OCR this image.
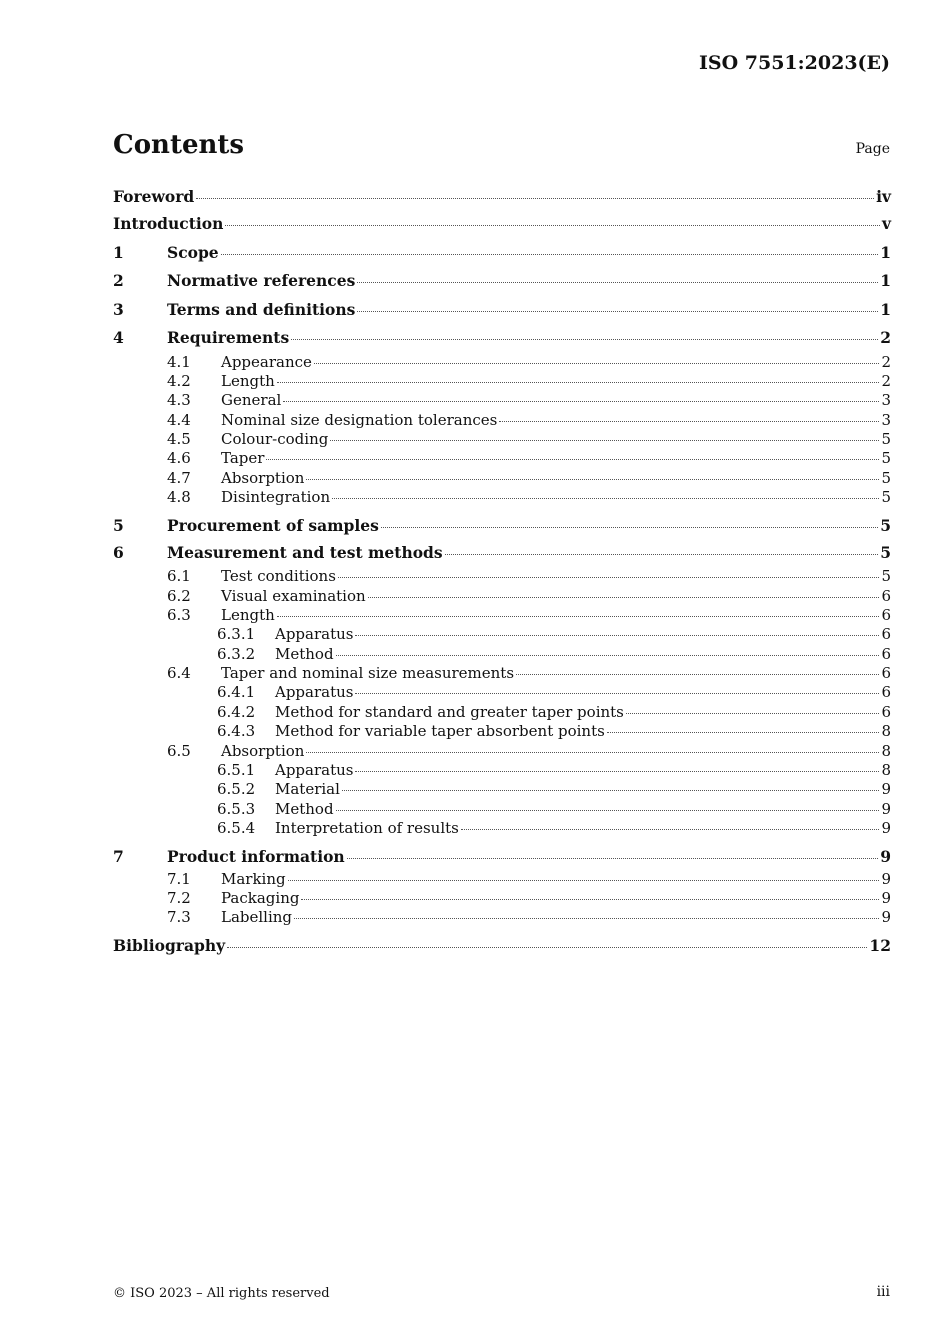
ISO 7551:2023(E)
Contents	Page
Foreword	iv
Introduction	v
1	Scope	1
2	Normative references	1
3	Terms and definitions	1
4	Requirements	2
4.1	Appearance	2
4.2	Length	2
4.3	General	3
4.4	Nominal size designation tolerances	3
4.5	Colour-coding	5
4.6	Taper	5
4.7	Absorption	5
4.8	Disintegration	5
5	Procurement of samples	5
6	Measurement and test methods	5
6.1	Test conditions	5
6.2	Visual examination	6
6.3	Length	6
6.3.1	Apparatus	6
6.3.2	Method	6
6.4	Taper and nominal size measurements	6
6.4.1	Apparatus	6
6.4.2	Method for standard and greater taper points	6
6.4.3	Method for variable taper absorbent points	8
6.5	Absorption	8
6.5.1	Apparatus	8
6.5.2	Material	9
6.5.3	Method	9
6.5.4	Interpretation of results	9
7	Product information	9
7.1	Marking	9
7.2	Packaging	9
7.3	Labelling	9
Bibliography	12
© ISO 2023 – All rights reserved	iii
